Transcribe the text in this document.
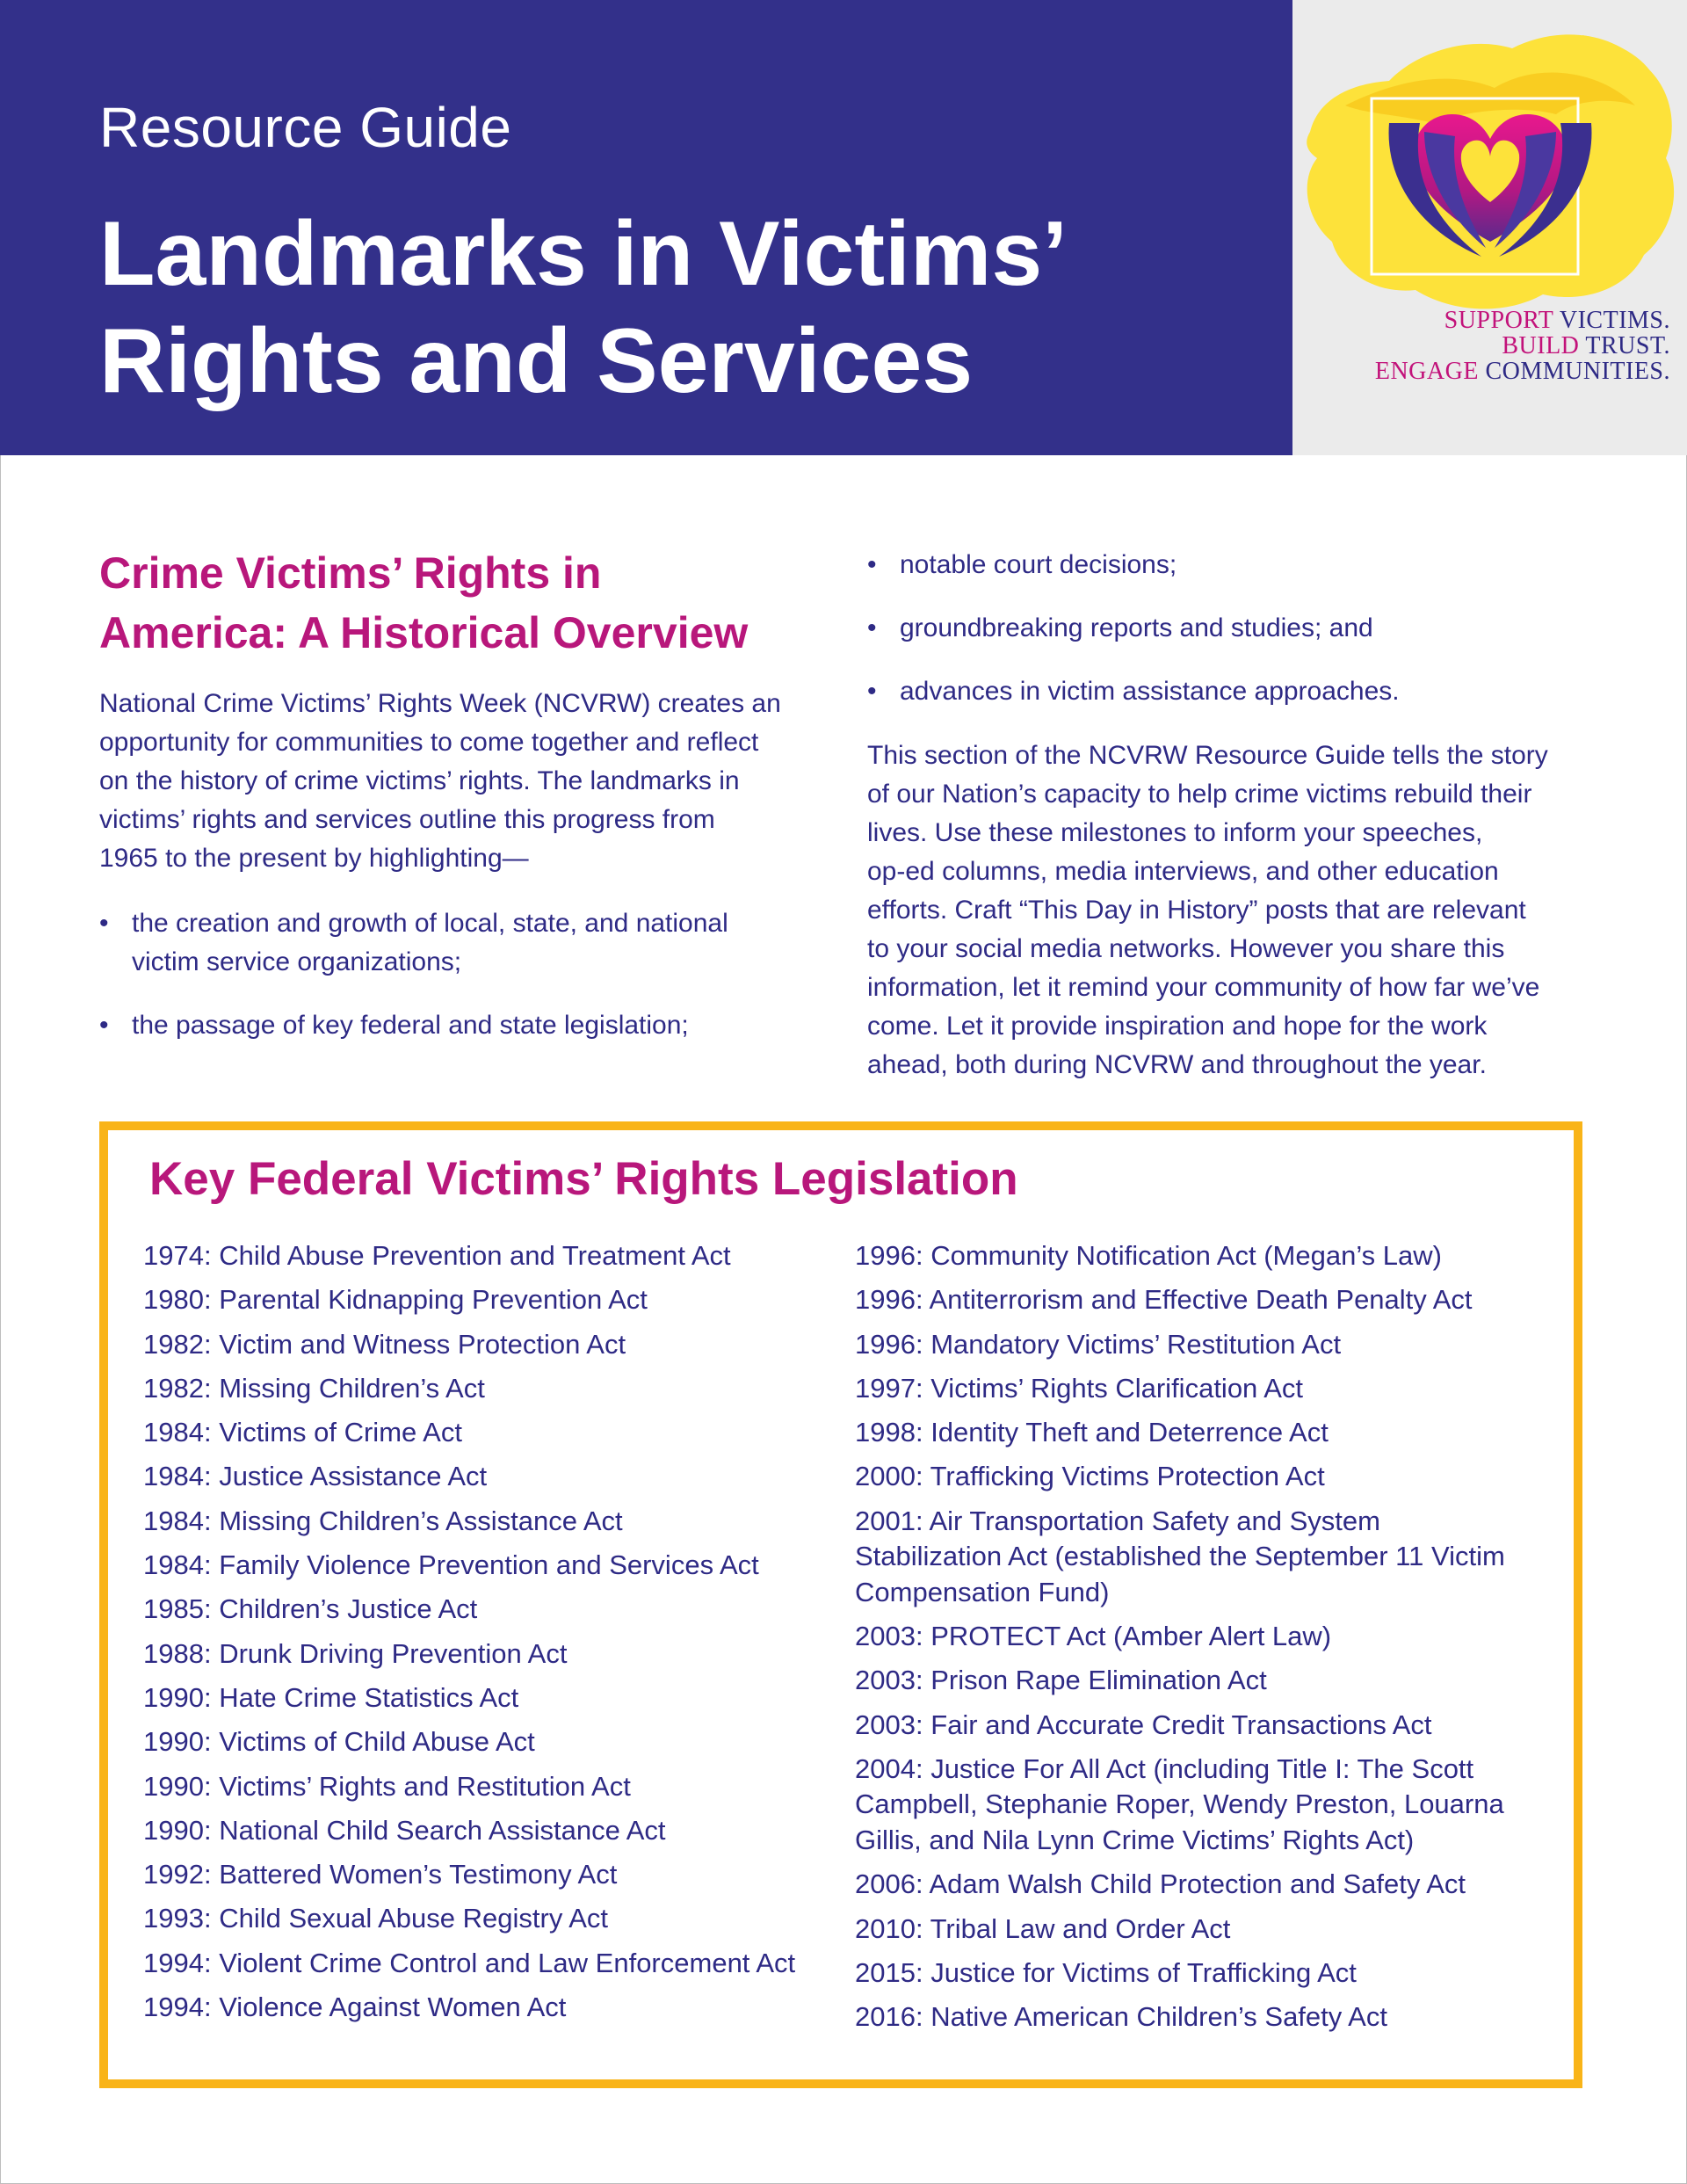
Resource Guide
Landmarks in Victims’
Rights and Services	SUPPORT VICTIMS.
BUILD TRUST.
ENGAGE COMMUNITIES.
Crime Victims’ Rights in
America: A Historical Overview

National Crime Victims’ Rights Week (NCVRW) creates an
opportunity for communities to come together and reflect
on the history of crime victims’ rights. The landmarks in
victims’ rights and services outline this progress from
1965 to the present by highlighting—

• the creation and growth of local, state, and national
victim service organizations;
• the passage of key federal and state legislation;
• notable court decisions;
• groundbreaking reports and studies; and
• advances in victim assistance approaches.

This section of the NCVRW Resource Guide tells the story
of our Nation’s capacity to help crime victims rebuild their
lives. Use these milestones to inform your speeches,
op-ed columns, media interviews, and other education
efforts. Craft “This Day in History” posts that are relevant
to your social media networks. However you share this
information, let it remind your community of how far we’ve
come. Let it provide inspiration and hope for the work
ahead, both during NCVRW and throughout the year.

Key Federal Victims’ Rights Legislation
1974: Child Abuse Prevention and Treatment Act
1980: Parental Kidnapping Prevention Act
1982: Victim and Witness Protection Act
1982: Missing Children’s Act
1984: Victims of Crime Act
1984: Justice Assistance Act
1984: Missing Children’s Assistance Act
1984: Family Violence Prevention and Services Act
1985: Children’s Justice Act
1988: Drunk Driving Prevention Act
1990: Hate Crime Statistics Act
1990: Victims of Child Abuse Act
1990: Victims’ Rights and Restitution Act
1990: National Child Search Assistance Act
1992: Battered Women’s Testimony Act
1993: Child Sexual Abuse Registry Act
1994: Violent Crime Control and Law Enforcement Act
1994: Violence Against Women Act
1996: Community Notification Act (Megan’s Law)
1996: Antiterrorism and Effective Death Penalty Act
1996: Mandatory Victims’ Restitution Act
1997: Victims’ Rights Clarification Act
1998: Identity Theft and Deterrence Act
2000: Trafficking Victims Protection Act
2001: Air Transportation Safety and System
Stabilization Act (established the September 11 Victim
Compensation Fund)
2003: PROTECT Act (Amber Alert Law)
2003: Prison Rape Elimination Act
2003: Fair and Accurate Credit Transactions Act
2004: Justice For All Act (including Title I: The Scott
Campbell, Stephanie Roper, Wendy Preston, Louarna
Gillis, and Nila Lynn Crime Victims’ Rights Act)
2006: Adam Walsh Child Protection and Safety Act
2010: Tribal Law and Order Act
2015: Justice for Victims of Trafficking Act
2016: Native American Children’s Safety Act
